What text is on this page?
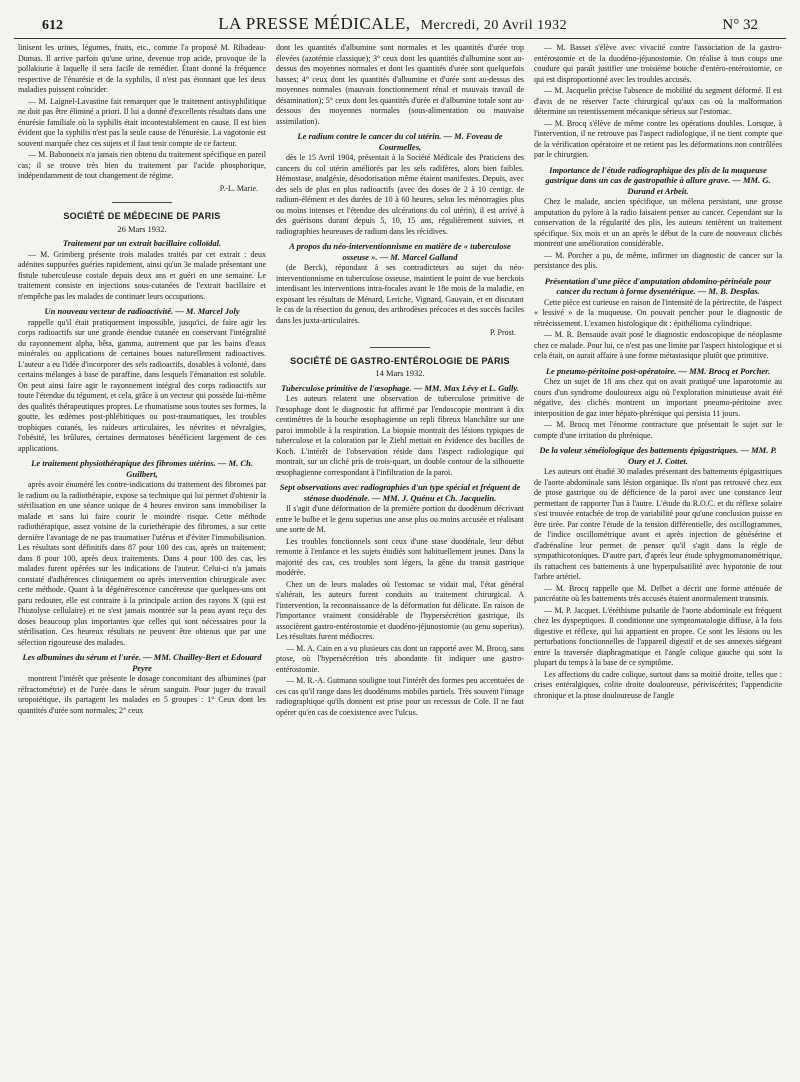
612	LA PRESSE MÉDICALE, Mercredi, 20 Avril 1932	N° 32

linisent les urines, légumes, fruits, etc., comme l'a proposé M. Ribadeau-Dumas. Il arrive parfois qu'une urine, devenue trop acide, provoque de la pollakiurie à laquelle il sera facile de remédier. Étant donné la fréquence respective de l'énurésie et de la syphilis, il n'est pas étonnant que les deux maladies puissent coïncider.

— M. Laignel-Lavastine fait remarquer que le traitement antisyphilitique ne doit pas être éliminé a priori. Il lui a donné d'excellents résultats dans une énurésie familiale où la syphilis était incontestablement en cause. Il est bien évident que la syphilis n'est pas la seule cause de l'énurésie. La vagotonie est souvent marquée chez ces sujets et il faut tenir compte de ce facteur.

— M. Babonneix n'a jamais rien obtenu du traitement spécifique en pareil cas; il se trouve très bien du traitement par l'acide phosphorique, indépendamment de tout changement de régime.

P.-L. Marie.
SOCIÉTÉ DE MÉDECINE DE PARIS
26 Mars 1932.
Traitement par un extrait bacillaire colloïdal.

— M. Grimberg présente trois malades traités par cet extrait : deux adénites suppurées guéries rapidement, ainsi qu'un 3e malade présentant une fistule tuberculeuse costale depuis deux ans et guéri en une semaine. Le traitement consiste en injections sous-cutanées de l'extrait bacillaire et n'empêche pas les malades de continuer leurs occupations.

Un nouveau vecteur de radioactivité. — M. Marcel Joly

rappelle qu'il était pratiquement impossible, jusqu'ici, de faire agir les corps radioactifs sur une grande étendue cutanée en conservant l'intégralité du rayonnement alpha, bêta, gamma, autrement que par les bains d'eaux minérales ou applications de certaines boues naturellement radioactives. L'auteur a eu l'idée d'incorporer des sels radioactifs, dosables à volonté, dans certains mélanges à base de paraffine, dans lesquels l'émanation est soluble. On peut ainsi faire agir le rayonnement intégral des corps radioactifs sur toute l'étendue du tégument, et cela, grâce à un vecteur qui possède lui-même des qualités thérapeutiques propres. Le rhumatisme sous toutes ses formes, la goutte, les œdèmes post-phlébitiques ou post-traumatiques, les troubles trophiques cutanés, les raideurs articulaires, les névrites et névralgies, l'obésité, les brûlures, certaines dermatoses bénéficient largement de ces applications.

Le traitement physiothérapique des fibromes utérins. — M. Ch. Guilbert,

après avoir énuméré les contre-indications du traitement des fibromes par le radium ou la radiothérapie, expose sa technique qui lui permet d'obtenir la stérilisation en une séance unique de 4 heures environ sans immobiliser la malade et sans lui faire courir le moindre risque. Cette méthode radiothérapique, assez voisine de la curiethérapie des fibromes, a sur cette dernière l'avantage de ne pas traumatiser l'utérus et d'éviter l'immobilisation. Les résultats sont définitifs dans 87 pour 100 des cas, après un traitement; dans 8 pour 100, après deux traitements. Dans 4 pour 100 des cas, les malades furent opérées sur les indications de l'auteur. Celui-ci n'a jamais constaté d'adhérences cliniquement ou après intervention chirurgicale avec cette méthode. Quant à la dégénérescence cancéreuse que quelques-uns ont paru redouter, elle est contraire à la principale action des rayons X (qui est l'histolyse cellulaire) et ne s'est jamais montrée sur la peau ayant reçu des doses beaucoup plus importantes que celles qui sont nécessaires pour la stérilisation. Ces heureux résultats ne peuvent être obtenus que par une sélection rigoureuse des malades.

Les albumines du sérum et l'urée. — MM. Chailley-Bert et Edouard Peyre

montrent l'intérêt que présente le dosage concomitant des albumines (par réfractométrie) et de l'urée dans le sérum sanguin. Pour juger du travail uropoiétique, ils partagent les malades en 5 groupes : 1° Ceux dont les quantités d'urée sont normales; 2° ceux

dont les quantités d'albumine sont normales et les quantités d'urée trop élevées (azotémie classique); 3° ceux dont les quantités d'albumine sont au-dessus des moyennes normales et dont les quantités d'urée sont quelquefois basses; 4° ceux dont les quantités d'albumine et d'urée sont au-dessus des moyennes normales (mauvais fonctionnement rénal et mauvais travail de désamination); 5° ceux dont les quantités d'urée et d'albumine totale sont au-dessous des moyennes normales (sous-alimentation ou mauvaise assimilation).

Le radium contre le cancer du col utérin. — M. Foveau de Courmelles,

dès le 15 Avril 1904, présentait à la Société Médicale des Praticiens des cancers du col utérin améliorés par les sels radifères, alors bien faibles. Hémostase, analgésie, désodorisation même étaient manifestes. Depuis, avec des sels de plus en plus radioactifs (avec des doses de 2 à 10 centigr. de radium-élément et des durées de 10 à 60 heures, selon les ménorragies plus ou moins intenses et l'étendue des ulcérations du col utérin), il est arrivé à des guérisons durant depuis 5, 10, 15 ans, régulièrement suivies, et radiographies heureuses de radium dans les récidives.

A propos du néo-interventionnisme en matière de « tuberculose osseuse ». — M. Marcel Galland

(de Berck), répondant à ses contradicteurs au sujet du néo-interventionnisme en tuberculose osseuse, maintient le point de vue berckois interdisant les interventions intra-focales avant le 18e mois de la maladie, en exposant les résultats de Ménard, Leriche, Vignard, Gauvain, et en discutant le cas de la résection du genou, des arthrodèses précoces et des succès faciles dans les juxta-articulaires.

P. Prost.
SOCIÉTÉ DE GASTRO-ENTÉROLOGIE DE PARIS
14 Mars 1932.
Tuberculose primitive de l'œsophage. — MM. Max Lévy et L. Gally.

Les auteurs relatent une observation de tuberculose primitive de l'œsophage dont le diagnostic fut affirmé par l'endoscopie montrant à dix centimètres de la bouche œsophagienne un repli fibreux blanchâtre sur une paroi immobile à la respiration. La biopsie montrait des lésions typiques de tuberculose et la coloration par le Ziehl mettait en évidence des bacilles de Koch. L'intérêt de l'observation réside dans l'aspect radiologique qui montrait, sur un cliché pris de trois-quart, un double contour de la silhouette œsophagienne correspondant à l'infiltration de la paroi.

Sept observations avec radiographies d'un type spécial et fréquent de sténose duodénale. — MM. J. Quénu et Ch. Jacquelin.

Il s'agit d'une déformation de la première portion du duodénum décrivant entre le bulbe et le genu superius une anse plus ou moins accusée et réalisant une sorte de M.

Les troubles fonctionnels sont ceux d'une stase duodénale, leur début remonte à l'enfance et les sujets étudiés sont habituellement jeunes. Dans la majorité des cas, ces troubles sont légers, la gêne du transit gastrique modérée.

Chez un de leurs malades où l'estomac se vidait mal, l'état général s'altérait, les auteurs furent conduits au traitement chirurgical. A l'intervention, la reconnaissance de la déformation fut délicate. En raison de l'importance vraiment considérable de l'hypersécrétion gastrique, ils associèrent gastro-entérostomie et duodéno-jéjunostomie (au genu superius). Les résultats furent médiocres.

— M. A. Cain en a vu plusieurs cas dont un rapporté avec M. Brocq, sans ptose, où l'hypersécrétion très abondante fit indiquer une gastro-entérostomie.

— M. R.-A. Gutmann souligne tout l'intérêt des formes peu accentuées de ces cas qu'il range dans les duodénums mobiles partiels. Très souvent l'image radiographique qu'ils donnent est prise pour un recessus de Cole. Il ne faut opérer qu'en cas de coexistence avec l'ulcus.

— M. Basset s'élève avec vivacité contre l'association de la gastro-entérostomie et de la duodéno-jéjunostomie. On réalise à tous coups une coudure qui paraît justifier une troisième bouche d'entéro-entérostomie, ce qui est disproportionné avec les troubles accusés.

— M. Jacquelin précise l'absence de mobilité du segment déformé. Il est d'avis de ne réserver l'acte chirurgical qu'aux cas où la malformation détermine un retentissement mécanique sérieux sur l'estomac.

— M. Brocq s'élève de même contre les opérations doubles. Lorsque, à l'intervention, il ne retrouve pas l'aspect radiologique, il ne tient compte que de la vérification opératoire et ne retient pas les déformations non contrôlées par le chirurgien.

Importance de l'étude radiographique des plis de la muqueuse gastrique dans un cas de gastropathie à allure grave. — MM. G. Durand et Arbeit.

Chez le malade, ancien spécifique, un mélena persistant, une grosse amputation du pylore à la radio faisaient penser au cancer. Cependant sur la conservation de la régularité des plis, les auteurs tentèrent un traitement spécifique. Six mois et un an après le début de la cure de nouveaux clichés montrent une amélioration considérable.

— M. Porcher a pu, de même, infirmer un diagnostic de cancer sur la persistance des plis.

Présentation d'une pièce d'amputation abdomino-périnéale pour cancer du rectum à forme dysentérique. — M. B. Desplas.

Cette pièce est curieuse en raison de l'intensité de la périrectite, de l'aspect « lessivé » de la muqueuse. On pouvait pencher pour le diagnostic de rétrécissement. L'examen histologique dit : épithélioma cylindrique.

— M. R. Bensaude avait posé le diagnostic endoscopique de néoplasme chez ce malade. Pour lui, ce n'est pas une limite par l'aspect histologique et si cela était, on aurait affaire à une forme métastasique plutôt que primitive.

Le pneumo-péritoine post-opératoire. — MM. Brocq et Porcher.

Chez un sujet de 18 ans chez qui on avait pratiqué une laparotomie au cours d'un syndrome douloureux aigu où l'exploration minutieuse avait été négative, des clichés montrent un important pneumo-péritoine avec interposition de gaz inter hépato-phrénique qui persista 11 jours.

— M. Brocq met l'énorme contracture que présentait le sujet sur le compte d'une irritation du phrénique.

De la valeur séméiologique des battements épigastriques. — MM. P. Oury et J. Cottet.

Les auteurs ont étudié 30 malades présentant des battements épigastriques de l'aorte abdominale sans lésion organique. Ils n'ont pas retrouvé chez eux de ptose gastrique ou de déficience de la paroi avec une constance leur permettant de rapporter l'un à l'autre. L'étude du R.O.C. et du réflexe solaire s'est trouvée entachée de trop de variabilité pour qu'une conclusion puisse en être tirée. Par contre l'étude de la tension différentielle, des oscillogrammes, de l'indice oscillométrique avant et après injection de génésérine et d'adrénaline leur permet de penser qu'il s'agit dans la règle de sympathicotoniques. D'autre part, d'après leur étude sphygmomanométrique, ils rattachent ces battements à une hyperpulsatilité avec hypotonie de tout l'arbre artériel.

— M. Brocq rappelle que M. Delbet a décrit une forme atténuée de pancréatite où les battements très accusés étaient anormalement transmis.

— M. P. Jacquet. L'éréthisme pulsatile de l'aorte abdominale est fréquent chez les dyspeptiques. Il conditionne une symptomatologie diffuse, à la fois digestive et réflexe, qui lui appartient en propre. Ce sont les lésions ou les perturbations fonctionnelles de l'appareil digestif et de ses annexes siégeant entre la traversée diaphragmatique et l'angle colique gauche qui sont la plupart du temps à la base de ce symptôme.

Les affections du cadre colique, surtout dans sa moitié droite, telles que : crises entéralgiques, colite droite douloureuse, périviscérites; l'appendicite chronique et la ptose douloureuse de l'angle
